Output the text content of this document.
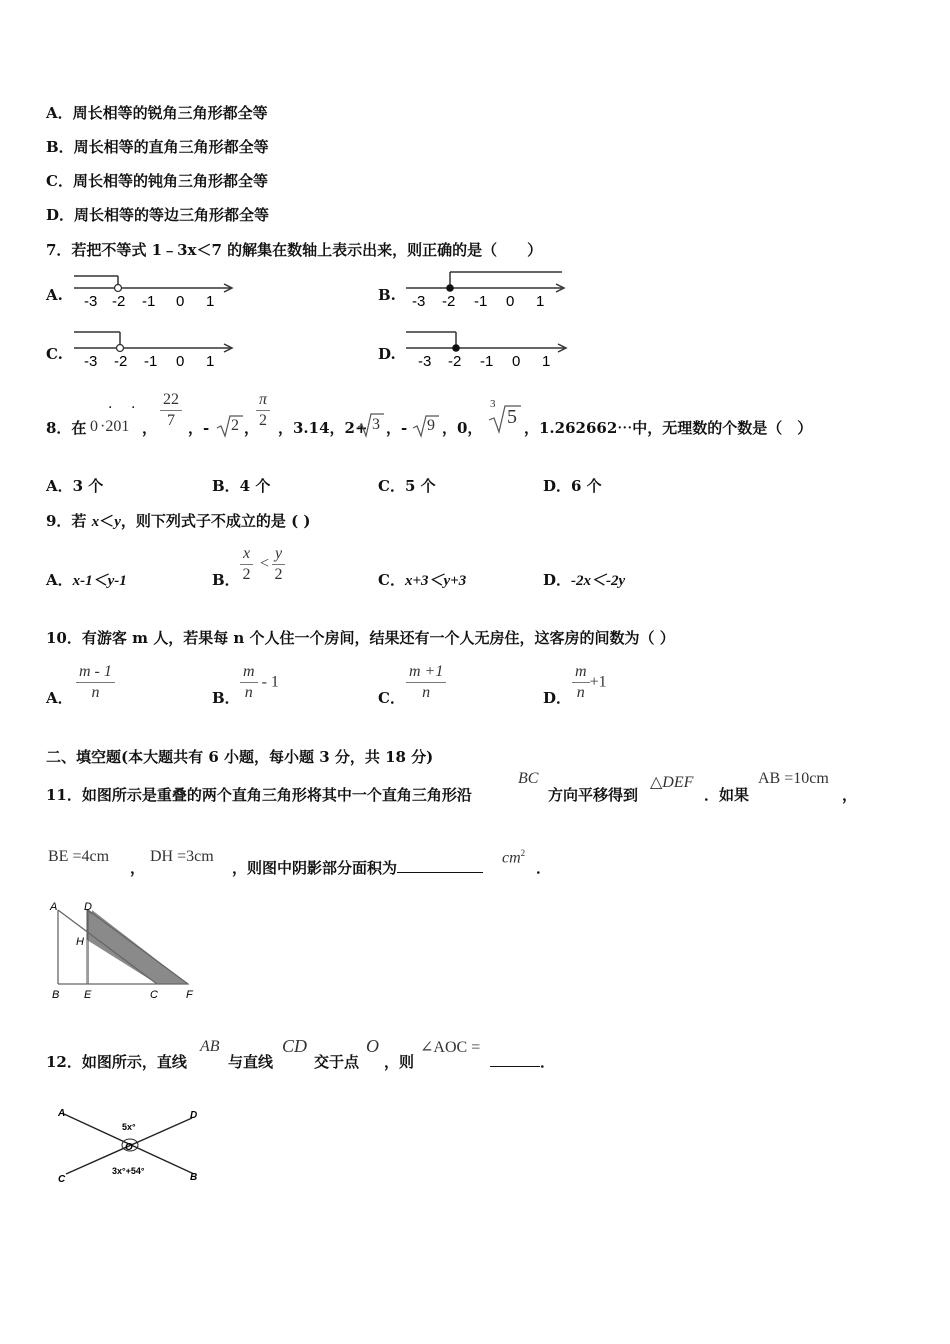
A．周长相等的锐角三角形都全等
B．周长相等的直角三角形都全等
C．周长相等的钝角三角形都全等
D．周长相等的等边三角形都全等
7．若把不等式 1﹣3x＜7 的解集在数轴上表示出来，则正确的是（　　）
A. -3 -2 -1 0 1	B. -3 -2 -1 0 1
C. -3 -2 -1 0 1	D. -3 -2 -1 0 1
8．在 0 ·201
· ·
， $\frac{22}{7}$ ，- 2 ，
$\frac{\pi}{2}$ ，3.14，2+ 3 ，- 9 ，0，
3
5 ，1.262662⋯中，无理数的个数是（　）
A．3 个	B．4 个	C．5 个	D．6 个
9．若 x＜y，则下列式子不成立的是 ( )
A．x-1＜y-1	B． $\frac{x}{2} < \frac{y}{2}$	C．x+3＜y+3	D．-2x＜-2y
10．有游客 m 人，若果每 n 个人住一个房间，结果还有一个人无房住，这客房的间数为（ ）
A． $\frac{m - 1}{n}$	B． $\frac{m}{n} - 1$
C． $\frac{m +1}{n}$	D． $\frac{m}{n} +1$
二、填空题(本大题共有 6 小题，每小题 3 分，共 18 分)
11．如图所示是重叠的两个直角三角形将其中一个直角三角形沿
BC
方向平移得到
△DEF
．如果
AB =10cm
，
BE =4cm
，
DH =3cm
，则图中阴影部分面积为
$cm^2$
．
A D
H
B E	C	F
12．如图所示，直线
AB
与直线
CD
交于点
O
，则
∠AOC =
．
A	D
C	B
O
5x°
3x°+54°
